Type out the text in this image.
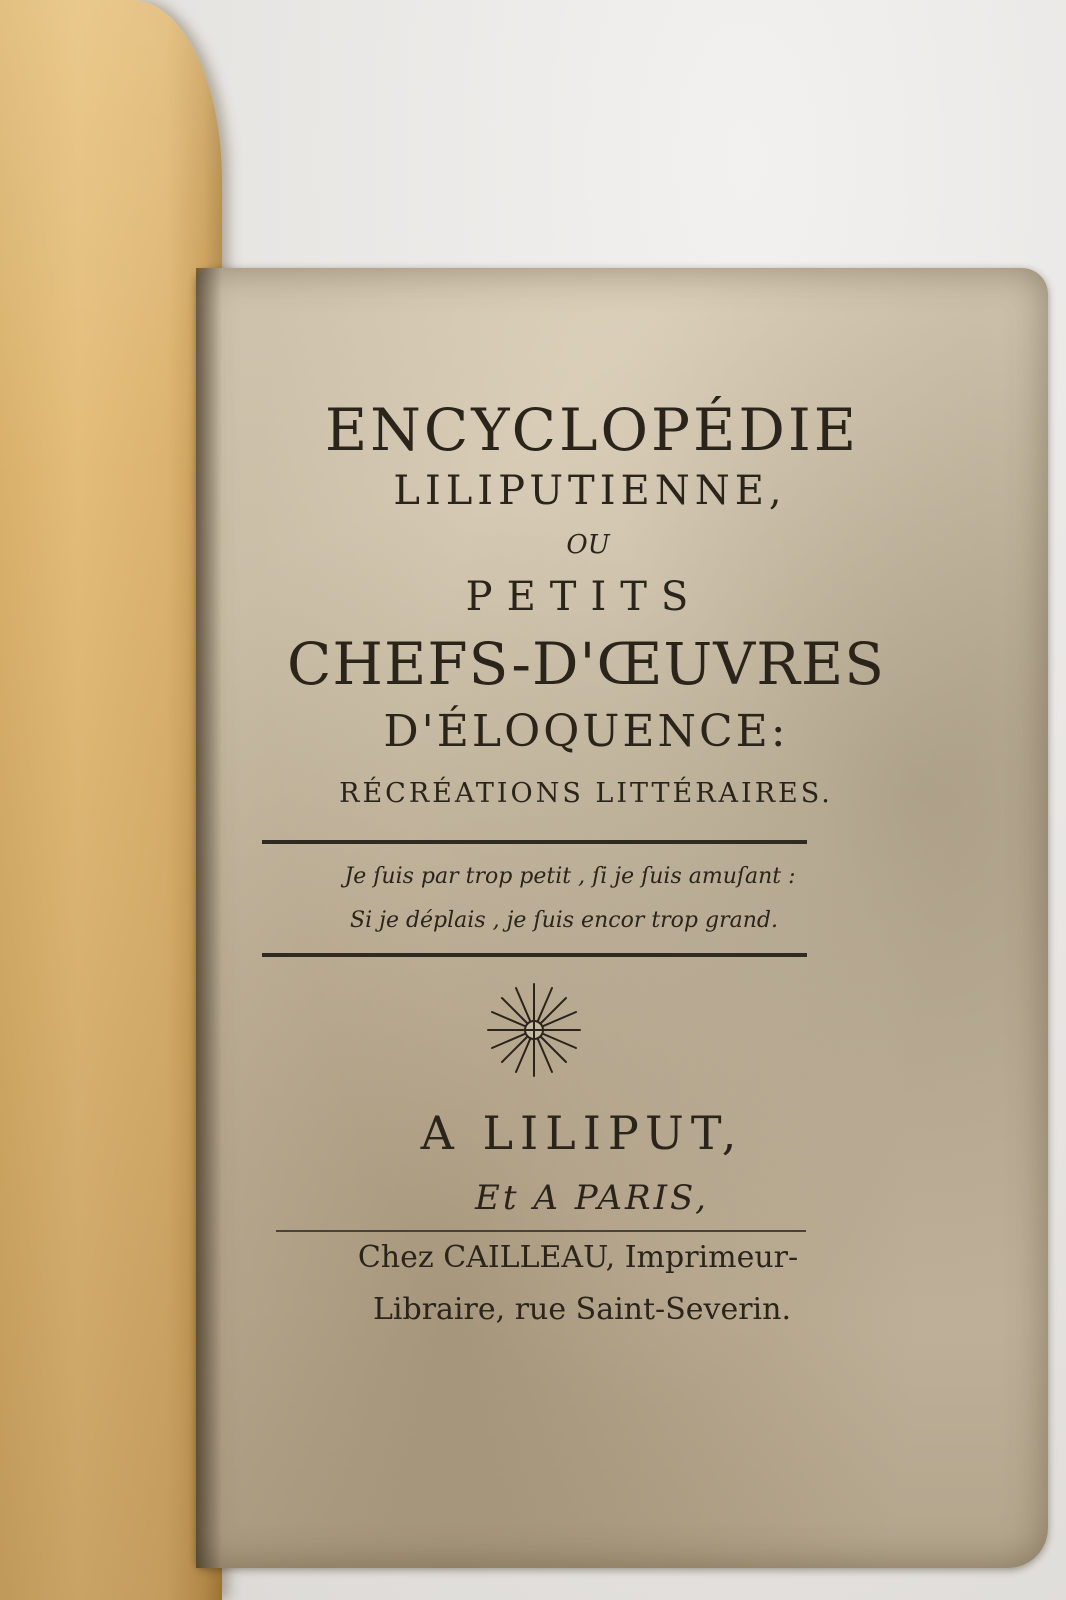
ENCYCLOPÉDIE
LILIPUTIENNE,
OU
PETITS
CHEFS-D'ŒUVRES
D'ÉLOQUENCE:
RÉCRÉATIONS LITTÉRAIRES.
Je ſuis par trop petit , ſi je ſuis amuſant :
Si je déplais , je ſuis encor trop grand.
A LILIPUT,
Et A PARIS,
Chez CAILLEAU, Imprimeur-
Libraire, rue Saint-Severin.
